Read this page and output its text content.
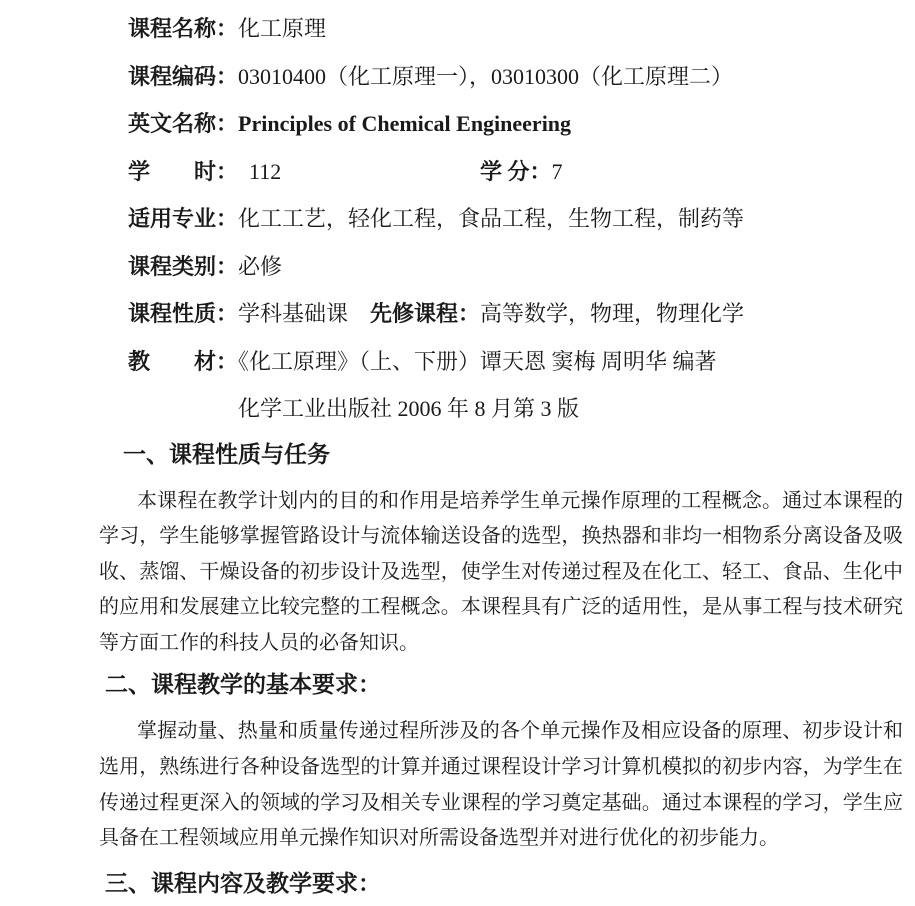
课程名称：化工原理
课程编码：03010400（化工原理一），03010300（化工原理二）
英文名称：Principles of Chemical Engineering
学　　时：　112	学 分：7
适用专业：化工工艺，轻化工程，食品工程，生物工程，制药等
课程类别：必修
课程性质：学科基础课　先修课程：高等数学，物理，物理化学
教　　材：《化工原理》（上、下册）谭天恩 窦梅 周明华 编著
　　　　　化学工业出版社 2006 年 8 月第 3 版
一、课程性质与任务
本课程在教学计划内的目的和作用是培养学生单元操作原理的工程概念。通过本课程的
学习，学生能够掌握管路设计与流体输送设备的选型，换热器和非均一相物系分离设备及吸
收、蒸馏、干燥设备的初步设计及选型，使学生对传递过程及在化工、轻工、食品、生化中
的应用和发展建立比较完整的工程概念。本课程具有广泛的适用性，是从事工程与技术研究
等方面工作的科技人员的必备知识。
二、课程教学的基本要求：
掌握动量、热量和质量传递过程所涉及的各个单元操作及相应设备的原理、初步设计和
选用，熟练进行各种设备选型的计算并通过课程设计学习计算机模拟的初步内容，为学生在
传递过程更深入的领域的学习及相关专业课程的学习奠定基础。通过本课程的学习，学生应
具备在工程领域应用单元操作知识对所需设备选型并对进行优化的初步能力。
三、课程内容及教学要求：
